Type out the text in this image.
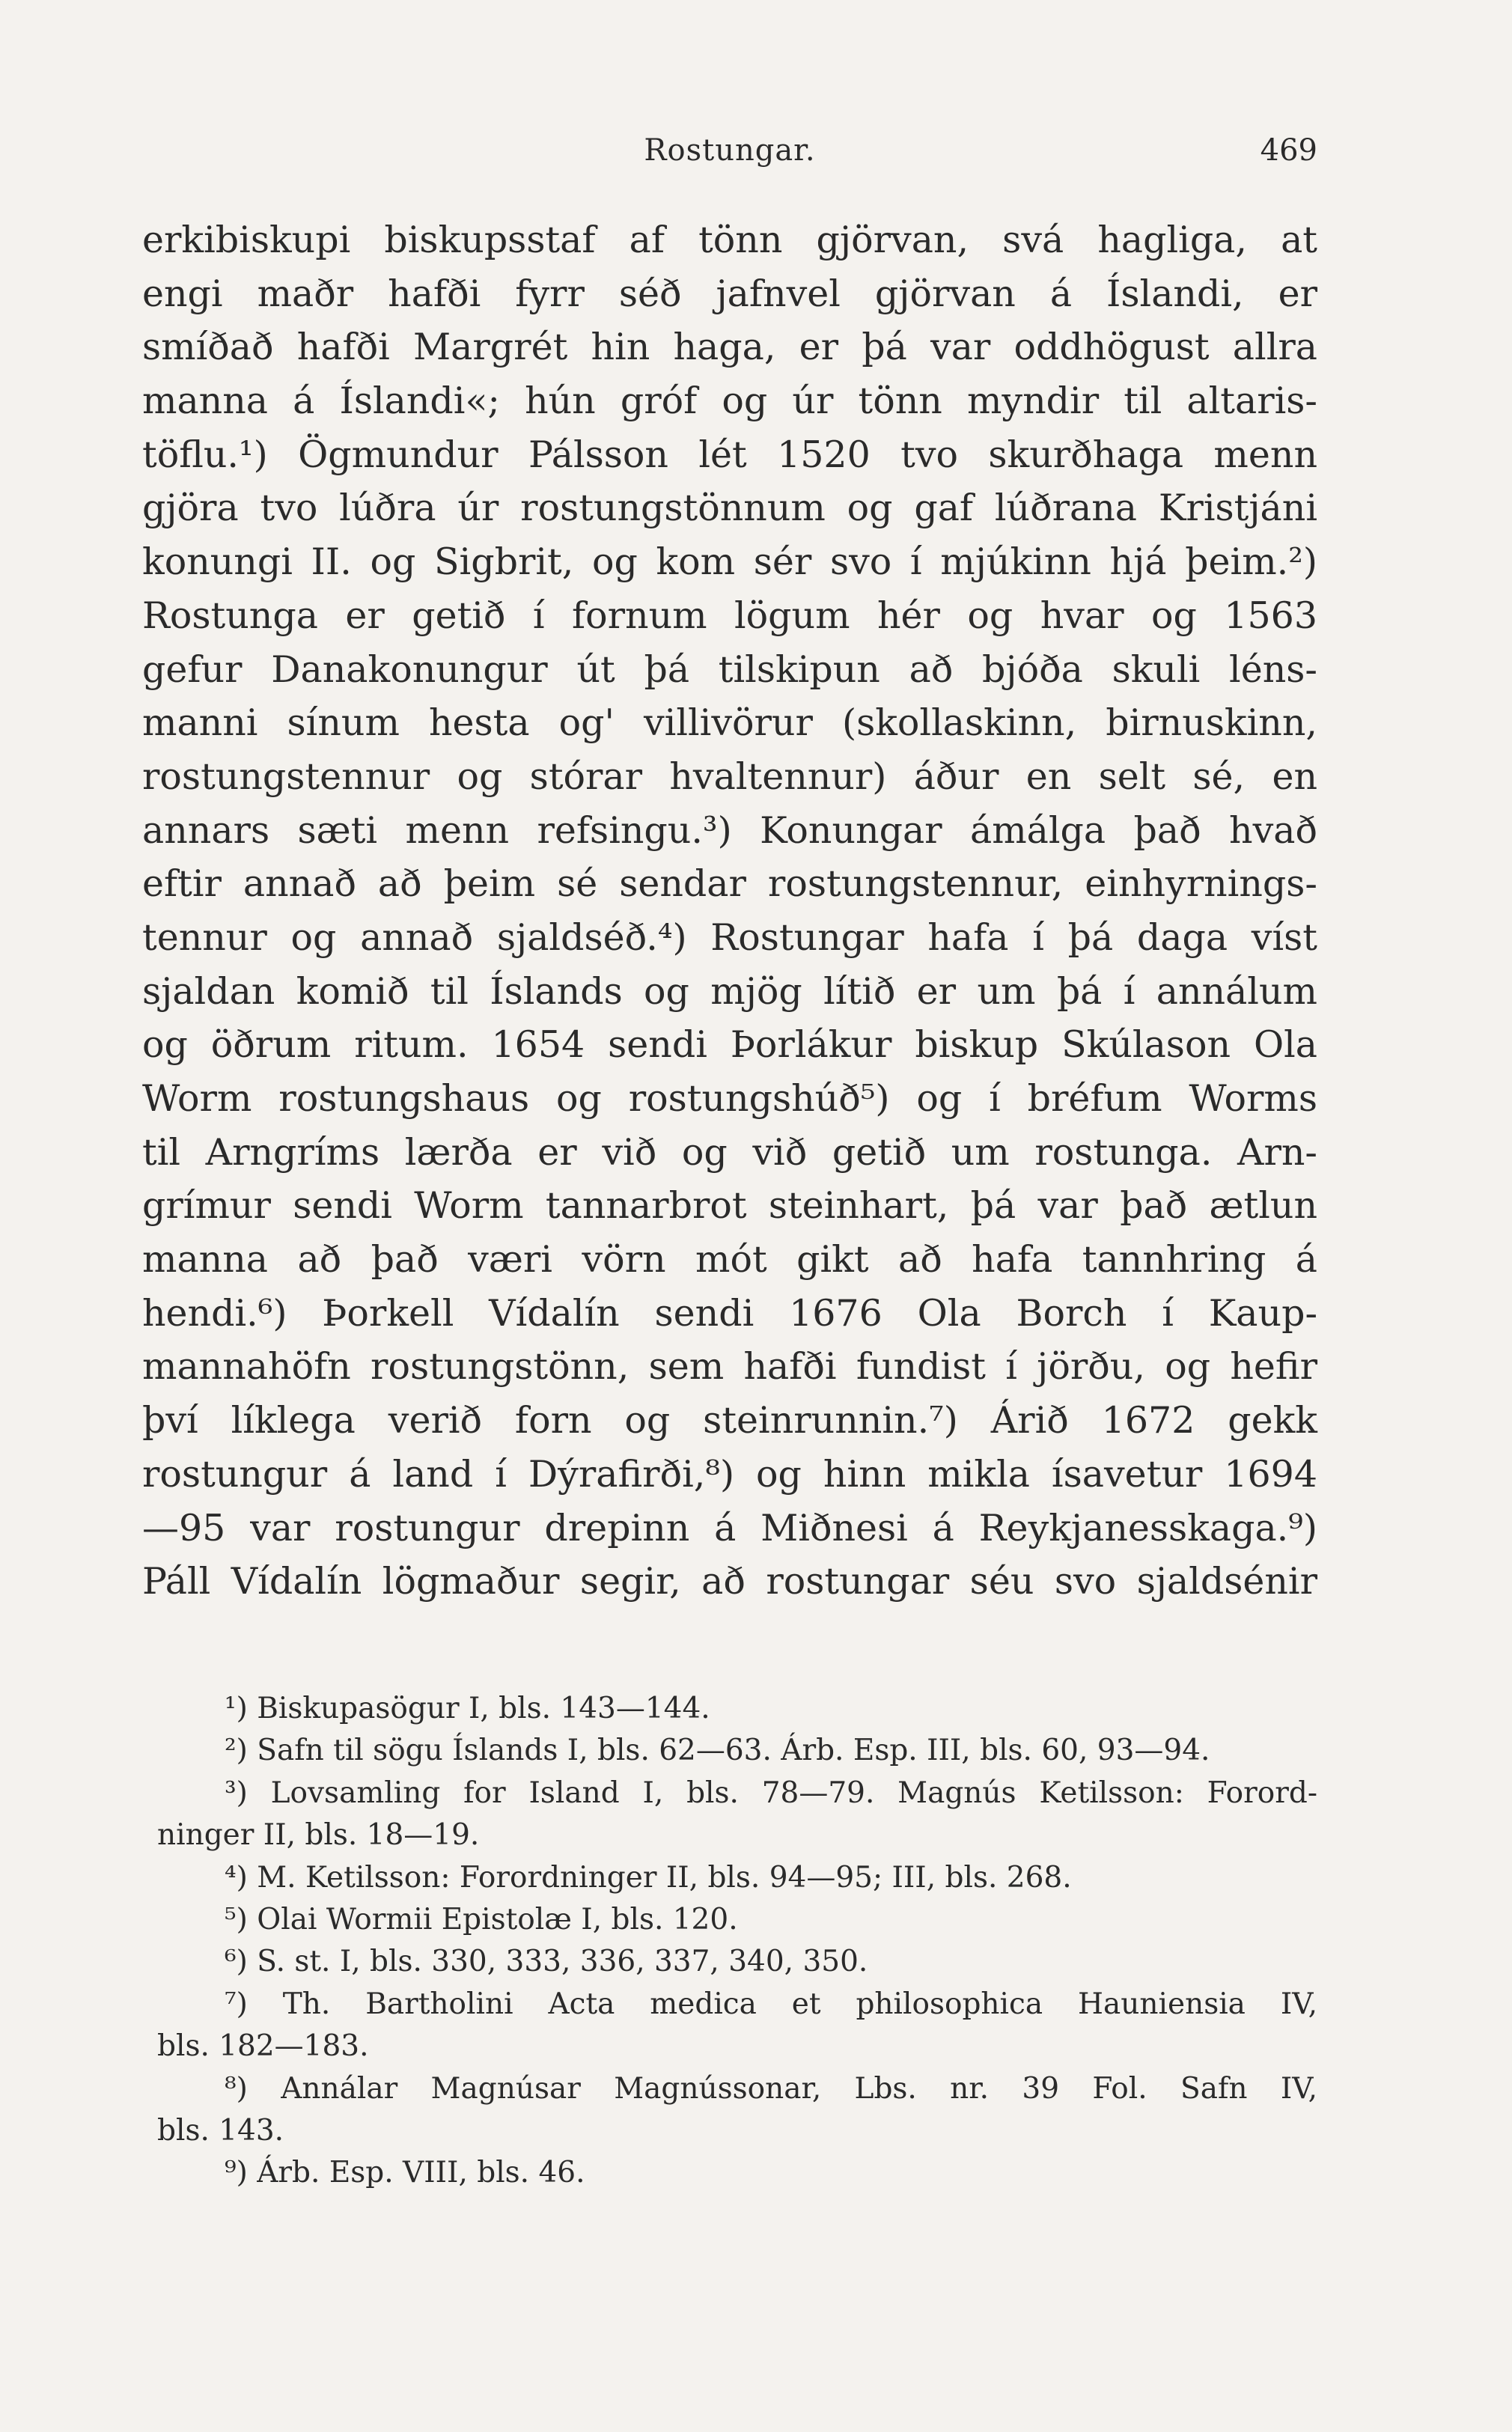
Rostungar.	469
erkibiskupi biskupsstaf af tönn gjörvan, svá hagliga, at
engi maðr hafði fyrr séð jafnvel gjörvan á Íslandi, er
smíðað hafði Margrét hin haga, er þá var oddhögust allra
manna á Íslandi«; hún gróf og úr tönn myndir til altaris-
töflu.¹) Ögmundur Pálsson lét 1520 tvo skurðhaga menn
gjöra tvo lúðra úr rostungstönnum og gaf lúðrana Kristjáni
konungi II. og Sigbrit, og kom sér svo í mjúkinn hjá þeim.²)
Rostunga er getið í fornum lögum hér og hvar og 1563
gefur Danakonungur út þá tilskipun að bjóða skuli léns-
manni sínum hesta og' villivörur (skollaskinn, birnuskinn,
rostungstennur og stórar hvaltennur) áður en selt sé, en
annars sæti menn refsingu.³) Konungar ámálga það hvað
eftir annað að þeim sé sendar rostungstennur, einhyrnings-
tennur og annað sjaldséð.⁴) Rostungar hafa í þá daga víst
sjaldan komið til Íslands og mjög lítið er um þá í annálum
og öðrum ritum. 1654 sendi Þorlákur biskup Skúlason Ola
Worm rostungshaus og rostungshúð⁵) og í bréfum Worms
til Arngríms lærða er við og við getið um rostunga. Arn-
grímur sendi Worm tannarbrot steinhart, þá var það ætlun
manna að það væri vörn mót gikt að hafa tannhring á
hendi.⁶) Þorkell Vídalín sendi 1676 Ola Borch í Kaup-
mannahöfn rostungstönn, sem hafði fundist í jörðu, og hefir
því líklega verið forn og steinrunnin.⁷) Árið 1672 gekk
rostungur á land í Dýrafirði,⁸) og hinn mikla ísavetur 1694
—95 var rostungur drepinn á Miðnesi á Reykjanesskaga.⁹)
Páll Vídalín lögmaður segir, að rostungar séu svo sjaldsénir
¹) Biskupasögur I, bls. 143—144.
²) Safn til sögu Íslands I, bls. 62—63. Árb. Esp. III, bls. 60, 93—94.
³) Lovsamling for Island I, bls. 78—79. Magnús Ketilsson: Forord-
ninger II, bls. 18—19.
⁴) M. Ketilsson: Forordninger II, bls. 94—95; III, bls. 268.
⁵) Olai Wormii Epistolæ I, bls. 120.
⁶) S. st. I, bls. 330, 333, 336, 337, 340, 350.
⁷) Th. Bartholini Acta medica et philosophica Hauniensia IV,
bls. 182—183.
⁸) Annálar Magnúsar Magnússonar, Lbs. nr. 39 Fol. Safn IV,
bls. 143.
⁹) Árb. Esp. VIII, bls. 46.
